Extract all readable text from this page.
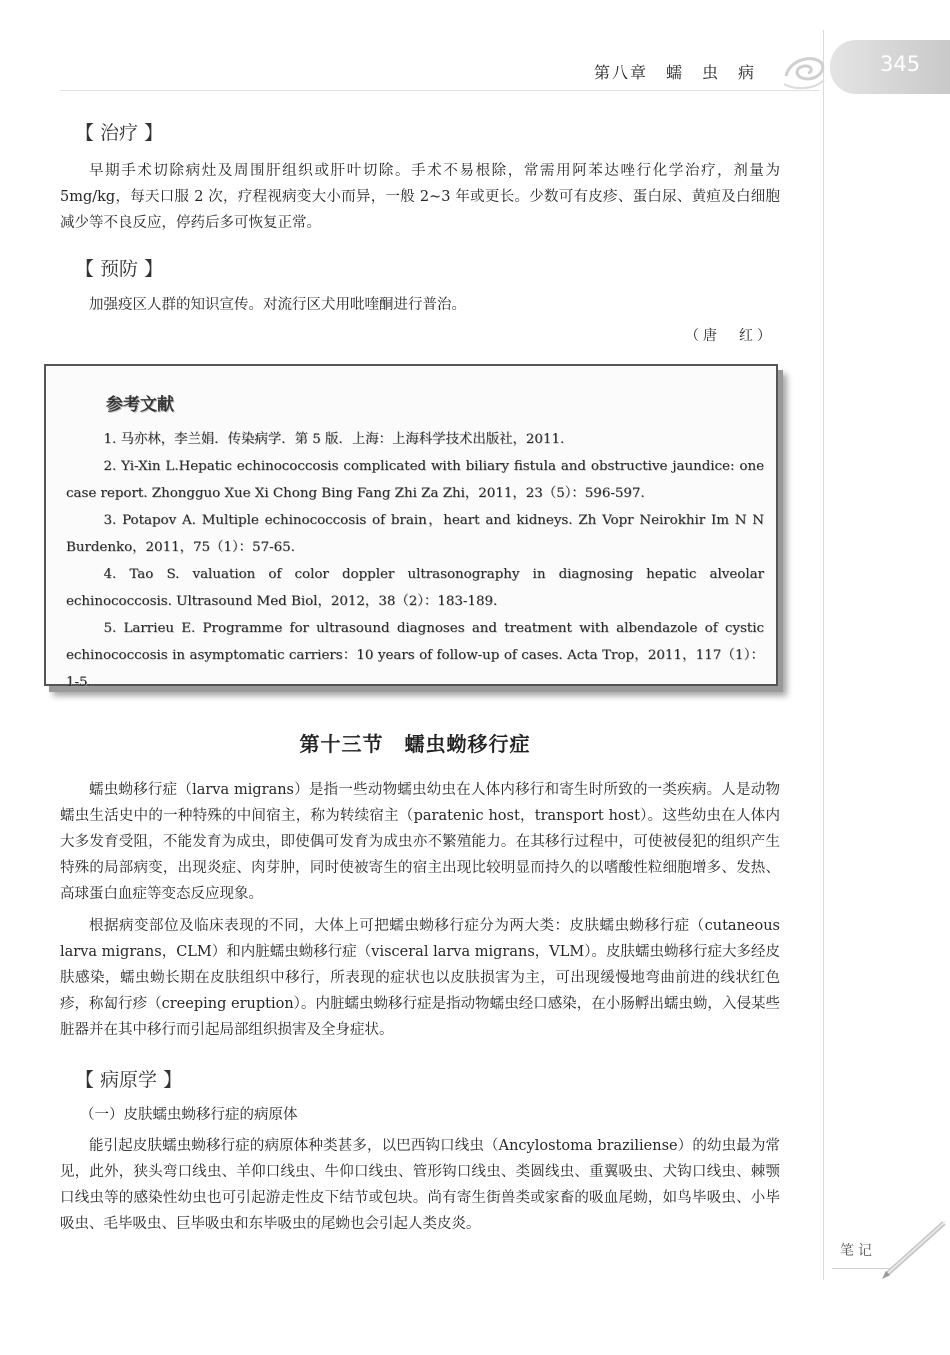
345
第八章　蠕　虫　病
【 治疗 】

早期手术切除病灶及周围肝组织或肝叶切除。手术不易根除，常需用阿苯达唑行化学治疗，剂量为 5mg/kg，每天口服 2 次，疗程视病变大小而异，一般 2~3 年或更长。少数可有皮疹、蛋白尿、黄疸及白细胞减少等不良反应，停药后多可恢复正常。

【 预防 】

加强疫区人群的知识宣传。对流行区犬用吡喹酮进行普治。

（唐　红）
参考文献

1. 马亦林，李兰娟．传染病学．第 5 版．上海：上海科学技术出版社，2011.

2. Yi-Xin L.Hepatic echinococcosis complicated with biliary fistula and obstructive jaundice: one case report. Zhongguo Xue Xi Chong Bing Fang Zhi Za Zhi，2011，23（5）：596-597.

3. Potapov A. Multiple echinococcosis of brain，heart and kidneys. Zh Vopr Neirokhir Im N N Burdenko，2011，75（1）：57-65.

4. Tao S. valuation of color doppler ultrasonography in diagnosing hepatic alveolar echinococcosis. Ultrasound Med Biol，2012，38（2）：183-189.

5. Larrieu E. Programme for ultrasound diagnoses and treatment with albendazole of cystic echinococcosis in asymptomatic carriers：10 years of follow-up of cases. Acta Trop，2011，117（1）：1-5.

第十三节　蠕虫蚴移行症

蠕虫蚴移行症（larva migrans）是指一些动物蠕虫幼虫在人体内移行和寄生时所致的一类疾病。人是动物蠕虫生活史中的一种特殊的中间宿主，称为转续宿主（paratenic host，transport host）。这些幼虫在人体内大多发育受阻，不能发育为成虫，即使偶可发育为成虫亦不繁殖能力。在其移行过程中，可使被侵犯的组织产生特殊的局部病变，出现炎症、肉芽肿，同时使被寄生的宿主出现比较明显而持久的以嗜酸性粒细胞增多、发热、高球蛋白血症等变态反应现象。

根据病变部位及临床表现的不同，大体上可把蠕虫蚴移行症分为两大类：皮肤蠕虫蚴移行症（cutaneous larva migrans，CLM）和内脏蠕虫蚴移行症（visceral larva migrans，VLM）。皮肤蠕虫蚴移行症大多经皮肤感染，蠕虫蚴长期在皮肤组织中移行，所表现的症状也以皮肤损害为主，可出现缓慢地弯曲前进的线状红色疹，称匐行疹（creeping eruption）。内脏蠕虫蚴移行症是指动物蠕虫经口感染，在小肠孵出蠕虫蚴，入侵某些脏器并在其中移行而引起局部组织损害及全身症状。

【 病原学 】
（一）皮肤蠕虫蚴移行症的病原体

能引起皮肤蠕虫蚴移行症的病原体种类甚多，以巴西钩口线虫（Ancylostoma braziliense）的幼虫最为常见，此外，狭头弯口线虫、羊仰口线虫、牛仰口线虫、管形钩口线虫、类圆线虫、重翼吸虫、犬钩口线虫、棘颚口线虫等的感染性幼虫也可引起游走性皮下结节或包块。尚有寄生街兽类或家畜的吸血尾蚴，如鸟毕吸虫、小毕吸虫、毛毕吸虫、巨毕吸虫和东毕吸虫的尾蚴也会引起人类皮炎。

笔记
